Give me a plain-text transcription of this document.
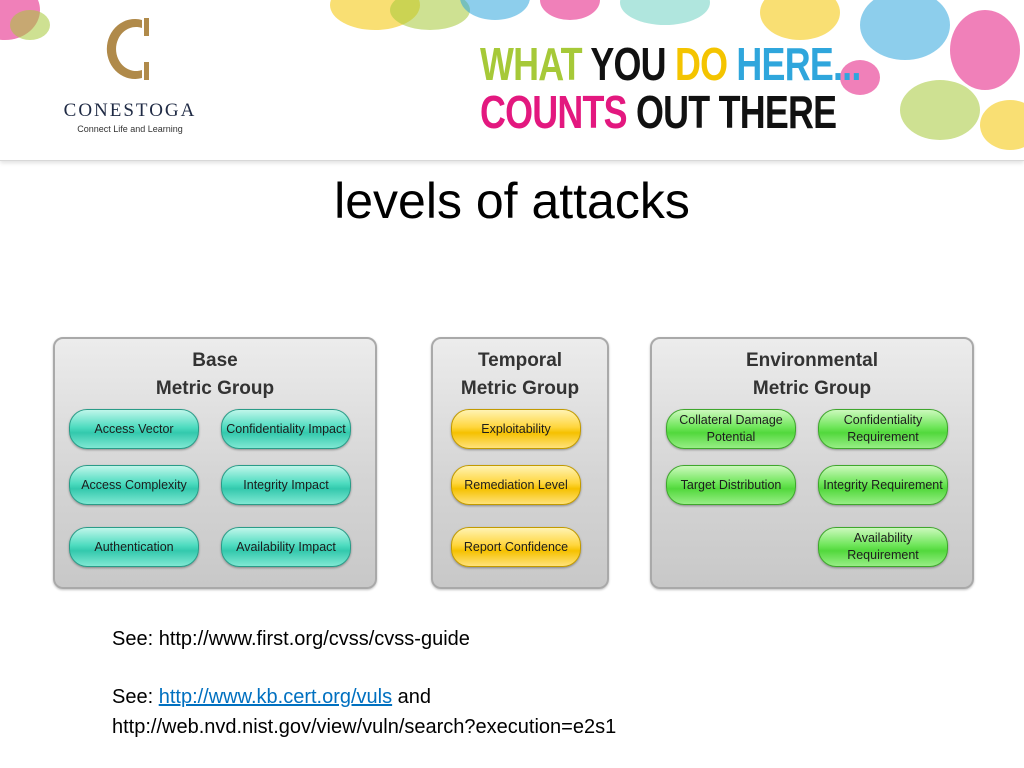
CONESTOGA
Connect Life and Learning
WHAT YOU DO HERE...
COUNTS OUT THERE
levels of attacks
Base
Metric Group
Access Vector	Confidentiality Impact
Access Complexity	Integrity Impact
Authentication	Availability Impact
Temporal
Metric Group
Exploitability
Remediation Level
Report Confidence
Environmental
Metric Group
Collateral Damage Potential
Confidentiality Requirement
Target Distribution	Integrity Requirement
Availability Requirement
See: http://www.first.org/cvss/cvss-guide
See: http://www.kb.cert.org/vuls and
http://web.nvd.nist.gov/view/vuln/search?execution=e2s1
